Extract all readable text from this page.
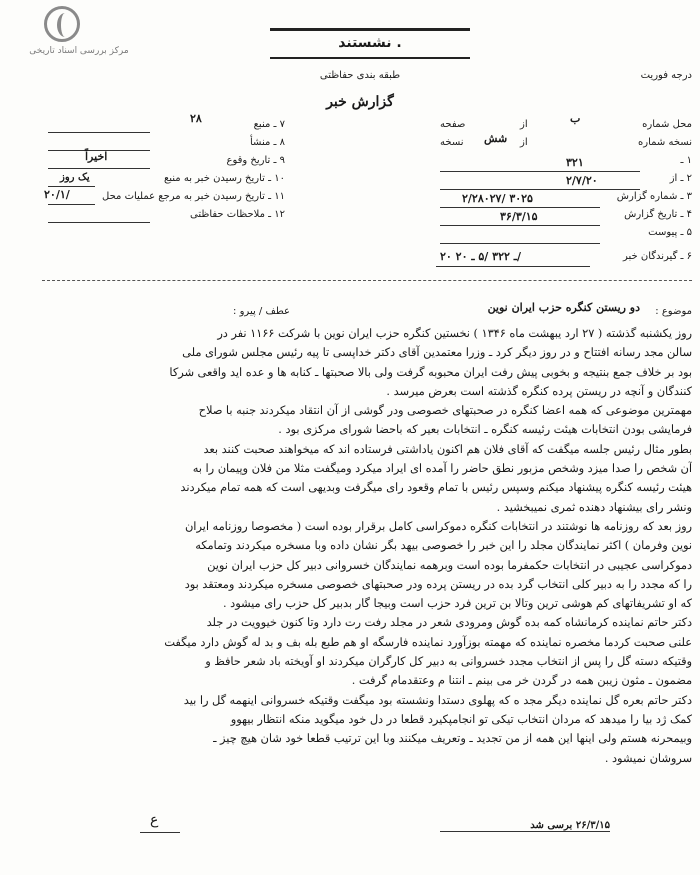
مرکز بررسی اسناد تاریخی	نشستند .
طبقه بندی حفاظتی
گزارش خبر
درجه فوریت
۷ ـ منبع
۲۸
۸ ـ منشأ
۹ ـ تاریخ وقوع
اخیراً
۱۰ ـ تاریخ رسیدن خبر به منبع
یک روز
۱۱ ـ تاریخ رسیدن خبر به مرجع عملیات محل
۲۰/۱/
۱۲ ـ ملاحظات حفاظتی
محل شماره
ب
از
صفحه
نسخه شماره
از
شش
نسخه
۱ ـ
۳۲۱
۲ ـ از
۲/۷/۲۰
۳ ـ شماره گزارش
۲/۲۸۰۲۷/ ۳۰۲۵
۴ ـ تاریخ گزارش
۳۶/۳/۱۵
۵ ـ پیوست
۶ ـ گیرندگان خبر
۲۰ ـ ۳۲۲ /۵ ـ ۲۰/
موضوع :
دو ریستن کنگره حزب ایران نوین
عطف / پیرو :
روز یکشنبه گذشته ( ۲۷ ارد یبهشت ماه ۱۳۴۶ ) نخستین کنگره حزب ایران نوین با شرکت ۱۱۶۶ نفر در
سالن مجد رسانه افتتاح و در روز دیگر کرد ـ وزرا معتمدین آقای دکتر خداپسی تا پیه رئیس مجلس شورای ملی
بود بر خلاف جمع بنتیجه و بخوبی پیش رفت ایران محبوبه گرفت ولی بالا صحبتها ـ کنابه ها و عده اید واقعی شرکا
کنندگان و آنچه در ریستن پرده کنگره گذشته است بعرض میرسد .
مهمترین موضوعی که همه اعضا کنگره در صحبتهای خصوصی ودر گوشی از آن انتقاد میکردند جنبه با صلاح
فرمایشی بودن انتخابات هیئت رئیسه کنگره ـ انتخابات بعیر که باحضا شورای مرکزی بود .
بطور مثال رئیس جلسه میگفت که آقای فلان هم اکنون یاداشتی فرستاده اند که میخواهند صحبت کنند بعد
آن شخص را صدا میزد وشخص مزبور نطق حاضر را آمده ای ایراد میکرد ومیگفت مثلا من فلان وپیمان را به
هیئت رئیسه کنگره پیشنهاد میکنم وسپس رئیس با تمام وقعود رای میگرفت وبدیهی است که همه تمام میکردند
ونشر رای بیشنهاد دهنده ثمری نمیبخشید .
روز بعد که روزنامه ها نوشتند در انتخابات کنگره دموکراسی کامل برقرار بوده است ( مخصوصا روزنامه ایران
نوین وفرمان ) اکثر نمایندگان مجلد را این خبر را خصوصی بیهد بگر نشان داده وبا مسخره میکردند وتمامکه
دموکراسی عجیبی در انتخابات حکمفرما بوده است وبرهمه نمایندگان خسروانی دبیر کل حزب ایران نوین
را که مجدد را به دبیر کلی انتخاب گرد بده در ریستن پرده ودر صحبتهای خصوصی مسخره میکردند ومعتقد بود
که او تشریفاتهای کم هوشی ترین وتالا بن ترین فرد حزب است وبیجا گار بدبیر کل حزب رای میشود .
دکتر حاتم نماینده کرمانشاه کمه بده گوش ومرودی شعر در مجلد رفت رت دارد وتا کنون خیوویت در جلد
علنی صحبت کردما مخصره نماینده که مهمته بوزآورد نماینده فارسگه او هم طبع بله بف و بد له گوش دارد میگفت
وقتیکه دسته گل را پس از انتخاب مجدد خسروانی به دبیر کل کارگران میکردند او آویخته باد شعر حافظ و
مضمون ـ مثون زیبن همه در گردن خر می بینم ـ انتنا م وعتقدمام گرفت .
دکتر حاتم بعره گل نماینده دیگر مجد ه که پهلوی دستدا ونشسته بود میگفت وقتیکه خسروانی اینهمه گل را بید
کمک ژد بیا را میدهد که مردان انتخاب تیکی تو انجامپکیرد قطعا در دل خود میگوید منکه انتظار بیهوو
وبیمحرنه هستم ولی اینها این همه از من تجدید ـ وتعریف میکنند وبا این ترتیب قطعا خود شان هیچ چیز ـ
سروشان نمیشود .
ع	۲۶/۳/۱۵ برسی شد
